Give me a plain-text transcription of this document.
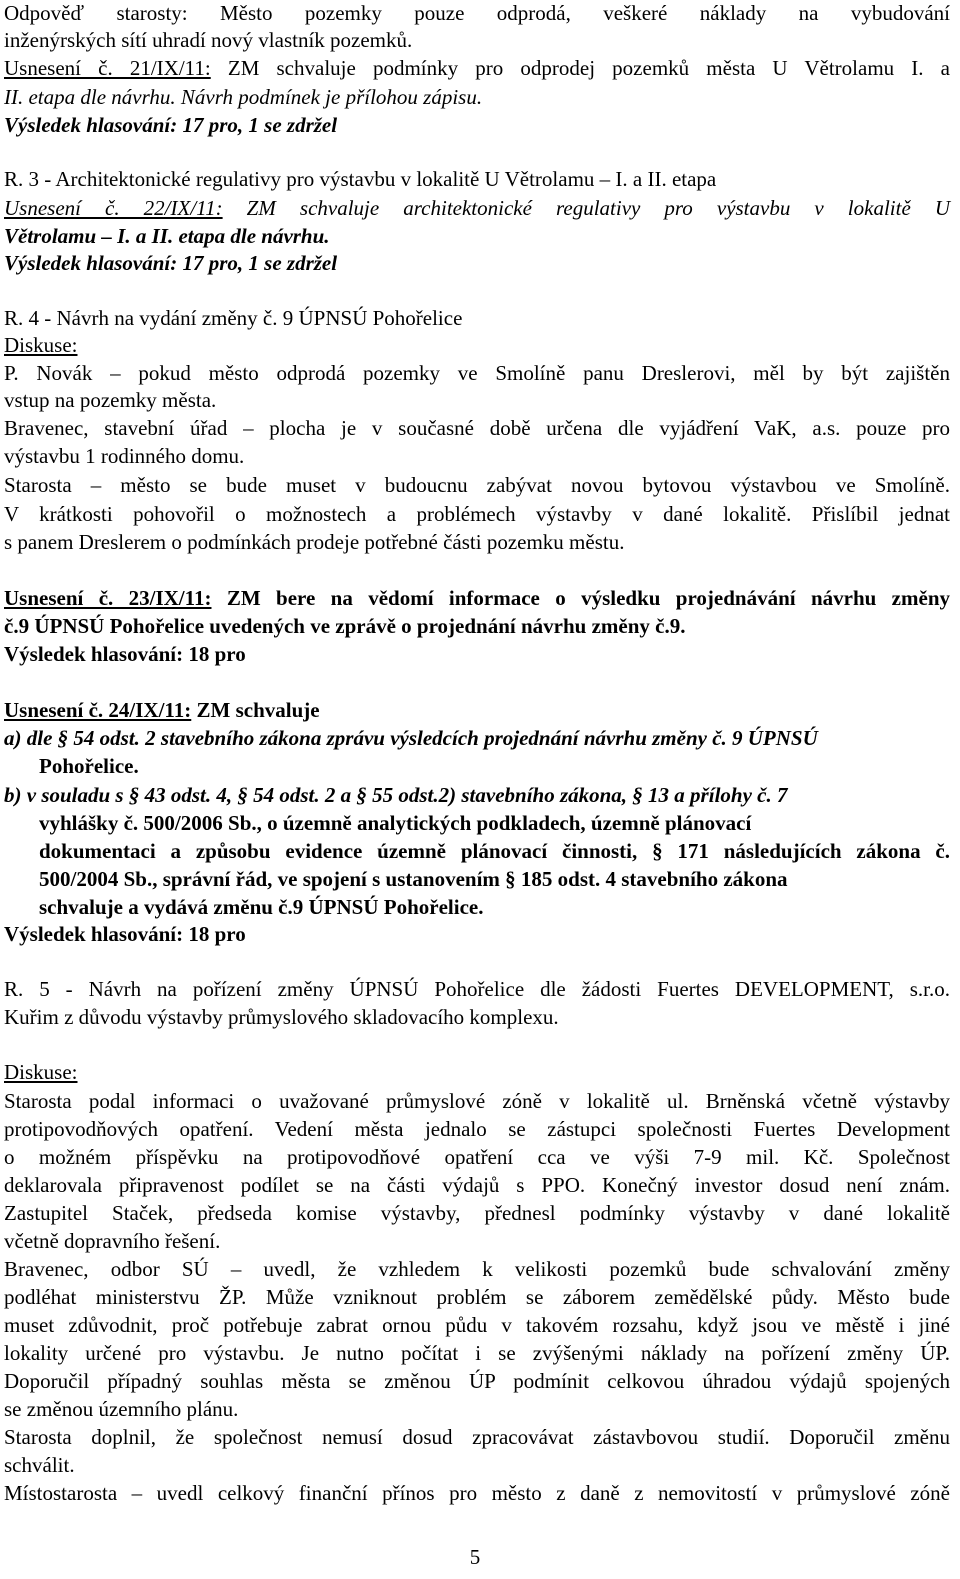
Odpověď starosty: Město pozemky pouze odprodá, veškeré náklady na vybudování
inženýrských sítí uhradí nový vlastník pozemků.
Usnesení č. 21/IX/11: ZM schvaluje podmínky pro odprodej pozemků města U Větrolamu I. a
II. etapa dle návrhu. Návrh podmínek je přílohou zápisu.
Výsledek hlasování: 17 pro, 1 se zdržel
R. 3 - Architektonické regulativy pro výstavbu v lokalitě U Větrolamu – I. a II. etapa
Usnesení č. 22/IX/11: ZM schvaluje architektonické regulativy pro výstavbu v lokalitě U
Větrolamu – I. a II. etapa dle návrhu.
Výsledek hlasování: 17 pro, 1 se zdržel
R. 4 - Návrh na vydání změny č. 9 ÚPNSÚ Pohořelice
Diskuse:
P. Novák – pokud město odprodá pozemky ve Smolíně panu Dreslerovi, měl by být zajištěn
vstup na pozemky města.
Bravenec, stavební úřad – plocha je v současné době určena dle vyjádření VaK, a.s. pouze pro
výstavbu 1 rodinného domu.
Starosta – město se bude muset v budoucnu zabývat novou bytovou výstavbou ve Smolíně.
V krátkosti pohovořil o možnostech a problémech výstavby v dané lokalitě. Přislíbil jednat
s panem Dreslerem o podmínkách prodeje potřebné části pozemku městu.
Usnesení č. 23/IX/11: ZM bere na vědomí informace o výsledku projednávání návrhu změny
č.9 ÚPNSÚ Pohořelice uvedených ve zprávě o projednání návrhu změny č.9.
Výsledek hlasování: 18 pro
Usnesení č. 24/IX/11: ZM schvaluje
a) dle § 54 odst. 2 stavebního zákona zprávu výsledcích projednání návrhu změny č. 9 ÚPNSÚ
Pohořelice.
b) v souladu s § 43 odst. 4, § 54 odst. 2 a § 55 odst.2) stavebního zákona, § 13 a přílohy č. 7
vyhlášky č. 500/2006 Sb., o územně analytických podkladech, územně plánovací
dokumentaci a způsobu evidence územně plánovací činnosti, § 171 následujících zákona č.
500/2004 Sb., správní řád, ve spojení s ustanovením § 185 odst. 4 stavebního zákona
schvaluje a vydává změnu č.9 ÚPNSÚ Pohořelice.
Výsledek hlasování: 18 pro
R. 5 - Návrh na pořízení změny ÚPNSÚ Pohořelice dle žádosti Fuertes DEVELOPMENT, s.r.o.
Kuřim z důvodu výstavby průmyslového skladovacího komplexu.
Diskuse:
Starosta podal informaci o uvažované průmyslové zóně v lokalitě ul. Brněnská včetně výstavby
protipovodňových opatření. Vedení města jednalo se zástupci společnosti Fuertes Development
o možném příspěvku na protipovodňové opatření cca ve výši 7-9 mil. Kč. Společnost
deklarovala připravenost podílet se na části výdajů s PPO. Konečný investor dosud není znám.
Zastupitel Staček, předseda komise výstavby, přednesl podmínky výstavby v dané lokalitě
včetně dopravního řešení.
Bravenec, odbor SÚ – uvedl, že vzhledem k velikosti pozemků bude schvalování změny
podléhat ministerstvu ŽP. Může vzniknout problém se záborem zemědělské půdy. Město bude
muset zdůvodnit, proč potřebuje zabrat ornou půdu v takovém rozsahu, když jsou ve městě i jiné
lokality určené pro výstavbu. Je nutno počítat i se zvýšenými náklady na pořízení změny ÚP.
Doporučil případný souhlas města se změnou ÚP podmínit celkovou úhradou výdajů spojených
se změnou územního plánu.
Starosta doplnil, že společnost nemusí dosud zpracovávat zástavbovou studií. Doporučil změnu
schválit.
Místostarosta – uvedl celkový finanční přínos pro město z daně z nemovitostí v průmyslové zóně
5
